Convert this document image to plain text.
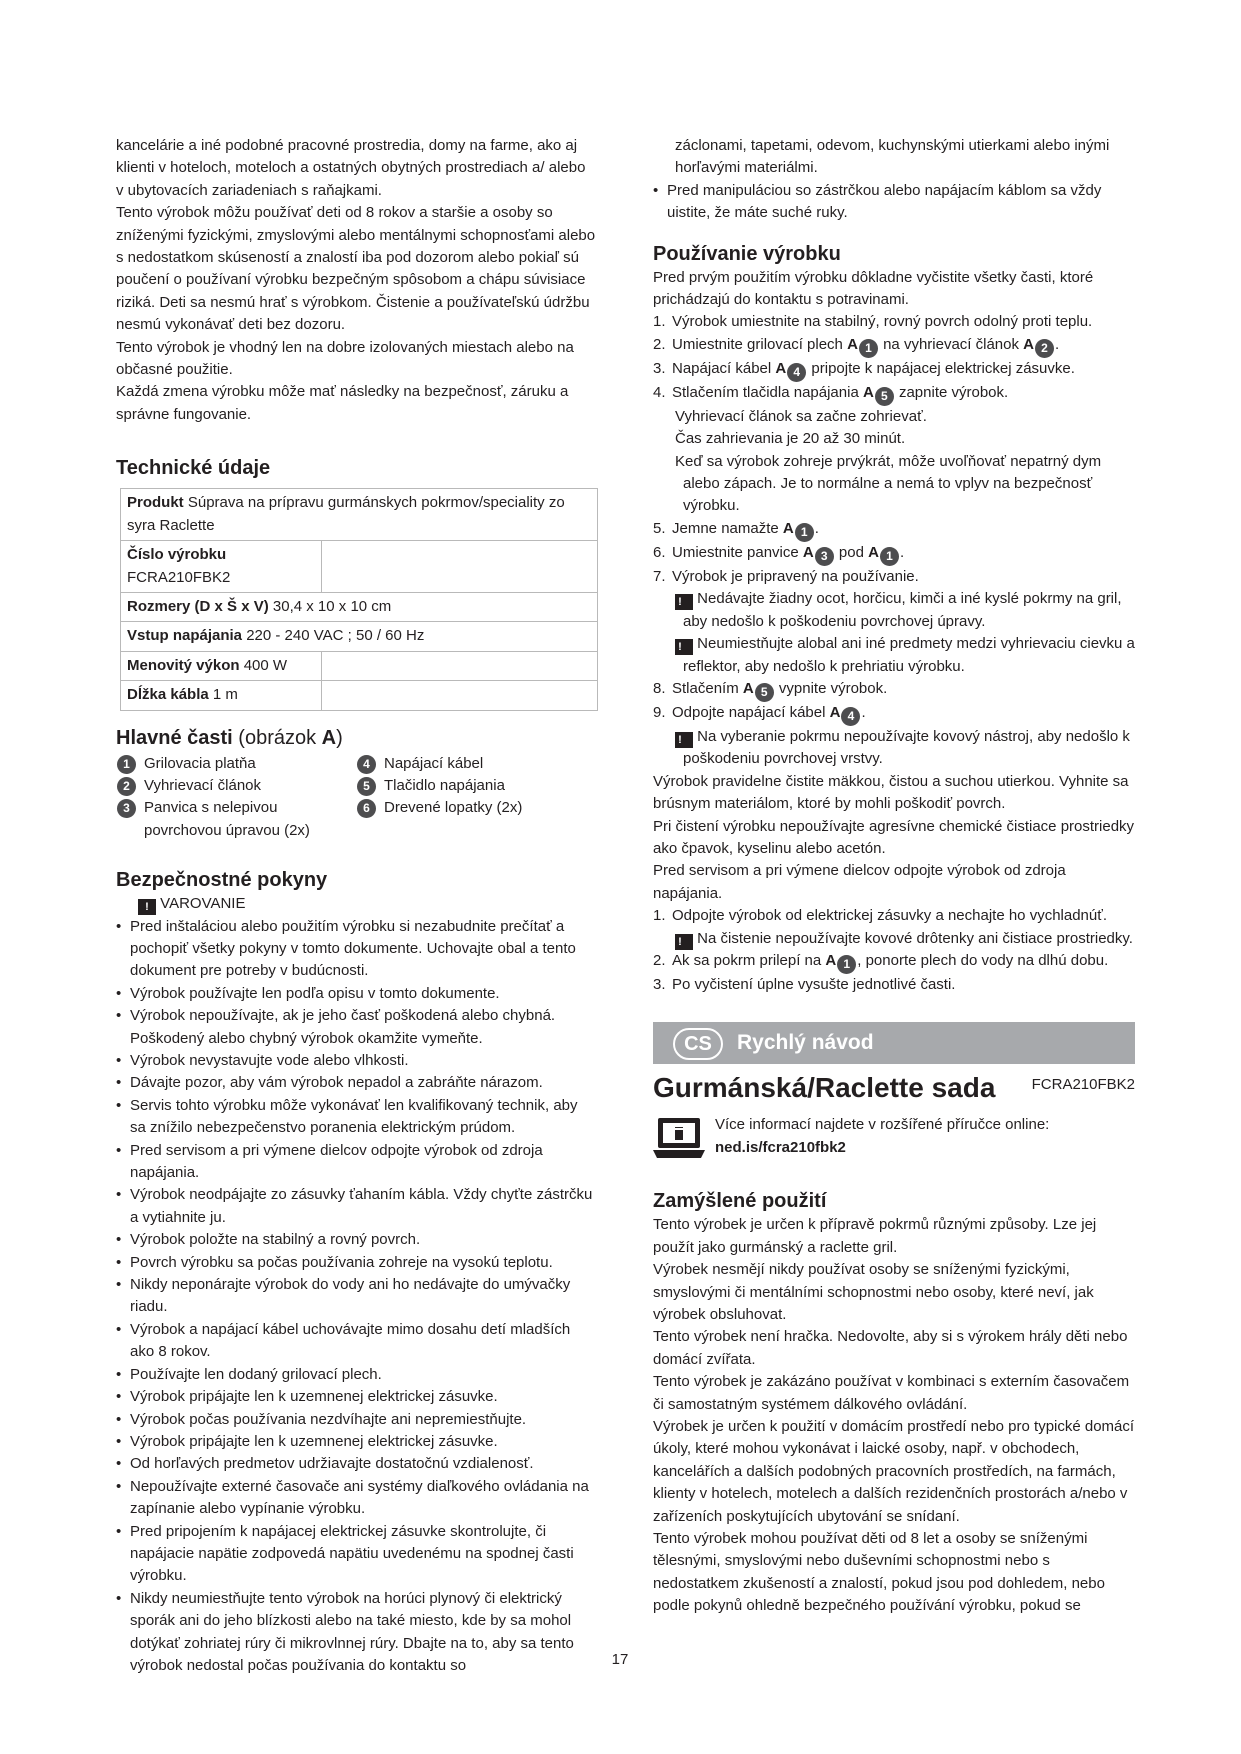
kancelárie a iné podobné pracovné prostredia, domy na farme, ako aj klienti v hoteloch, moteloch a ostatných obytných prostrediach a/ alebo v ubytovacích zariadeniach s raňajkami.

Tento výrobok môžu používať deti od 8 rokov a staršie a osoby so zníženými fyzickými, zmyslovými alebo mentálnymi schopnosťami alebo s nedostatkom skúseností a znalostí iba pod dozorom alebo pokiaľ sú poučení o používaní výrobku bezpečným spôsobom a chápu súvisiace riziká. Deti sa nesmú hrať s výrobkom. Čistenie a používateľskú údržbu nesmú vykonávať deti bez dozoru.

Tento výrobok je vhodný len na dobre izolovaných miestach alebo na občasné použitie.

Každá zmena výrobku môže mať následky na bezpečnosť, záruku a správne fungovanie.

Technické údaje
Produkt Súprava na prípravu gurmánskych pokrmov/speciality zo syra Raclette	
Číslo výrobku FCRA210FBK2	
Rozmery (D x Š x V) 30,4 x 10 x 10 cm	
Vstup napájania 220 - 240 VAC ; 50 / 60 Hz	
Menovitý výkon 400 W	
Dĺžka kábla 1 m	
Hlavné časti (obrázok A)
1 Grilovacia platňa
2 Vyhrievací článok
3 Panvica s nelepivou povrchovou úpravou (2x)
4 Napájací kábel
5 Tlačidlo napájania
6 Drevené lopatky (2x)
Bezpečnostné pokyny

! VAROVANIE

• Pred inštaláciou alebo použitím výrobku si nezabudnite prečítať a pochopiť všetky pokyny v tomto dokumente. Uchovajte obal a tento dokument pre potreby v budúcnosti.
• Výrobok používajte len podľa opisu v tomto dokumente.
• Výrobok nepoužívajte, ak je jeho časť poškodená alebo chybná. Poškodený alebo chybný výrobok okamžite vymeňte.
• Výrobok nevystavujte vode alebo vlhkosti.
• Dávajte pozor, aby vám výrobok nepadol a zabráňte nárazom.
• Servis tohto výrobku môže vykonávať len kvalifikovaný technik, aby sa znížilo nebezpečenstvo poranenia elektrickým prúdom.
• Pred servisom a pri výmene dielcov odpojte výrobok od zdroja napájania.
• Výrobok neodpájajte zo zásuvky ťahaním kábla. Vždy chyťte zástrčku a vytiahnite ju.
• Výrobok položte na stabilný a rovný povrch.
• Povrch výrobku sa počas používania zohreje na vysokú teplotu.
• Nikdy neponárajte výrobok do vody ani ho nedávajte do umývačky riadu.
• Výrobok a napájací kábel uchovávajte mimo dosahu detí mladších ako 8 rokov.
• Používajte len dodaný grilovací plech.
• Výrobok pripájajte len k uzemnenej elektrickej zásuvke.
• Výrobok počas používania nezdvíhajte ani nepremiestňujte.
• Výrobok pripájajte len k uzemnenej elektrickej zásuvke.
• Od horľavých predmetov udržiavajte dostatočnú vzdialenosť.
• Nepoužívajte externé časovače ani systémy diaľkového ovládania na zapínanie alebo vypínanie výrobku.
• Pred pripojením k napájacej elektrickej zásuvke skontrolujte, či napájacie napätie zodpovedá napätiu uvedenému na spodnej časti výrobku.
• Nikdy neumiestňujte tento výrobok na horúci plynový či elektrický sporák ani do jeho blízkosti alebo na také miesto, kde by sa mohol dotýkať zohriatej rúry či mikrovlnnej rúry. Dbajte na to, aby sa tento výrobok nedostal počas používania do kontaktu so

záclonami, tapetami, odevom, kuchynskými utierkami alebo inými horľavými materiálmi.

• Pred manipuláciou so zástrčkou alebo napájacím káblom sa vždy uistite, že máte suché ruky.
Používanie výrobku

Pred prvým použitím výrobku dôkladne vyčistite všetky časti, ktoré prichádzajú do kontaktu s potravinami.

1. Výrobok umiestnite na stabilný, rovný povrch odolný proti teplu.
2. Umiestnite grilovací plech A 1 na vyhrievací článok A 2 .
3. Napájací kábel A 4 pripojte k napájacej elektrickej zásuvke.
4. Stlačením tlačidla napájania A 5 zapnite výrobok.

Vyhrievací článok sa začne zohrievať.

Čas zahrievania je 20 až 30 minút.

Keď sa výrobok zohreje prvýkrát, môže uvoľňovať nepatrný dym alebo zápach. Je to normálne a nemá to vplyv na bezpečnosť výrobku.

5. Jemne namažte A 1 .
6. Umiestnite panvice A 3 pod A 1 .
7. Výrobok je pripravený na používanie.

! Nedávajte žiadny ocot, horčicu, kimči a iné kyslé pokrmy na gril, aby nedošlo k poškodeniu povrchovej úpravy.

! Neumiestňujte alobal ani iné predmety medzi vyhrievaciu cievku a reflektor, aby nedošlo k prehriatiu výrobku.

8. Stlačením A 5 vypnite výrobok.
9. Odpojte napájací kábel A 4 .

! Na vyberanie pokrmu nepoužívajte kovový nástroj, aby nedošlo k poškodeniu povrchovej vrstvy.

Výrobok pravidelne čistite mäkkou, čistou a suchou utierkou. Vyhnite sa brúsnym materiálom, ktoré by mohli poškodiť povrch.

Pri čistení výrobku nepoužívajte agresívne chemické čistiace prostriedky ako čpavok, kyselinu alebo acetón.

Pred servisom a pri výmene dielcov odpojte výrobok od zdroja napájania.

1. Odpojte výrobok od elektrickej zásuvky a nechajte ho vychladnúť.

! Na čistenie nepoužívajte kovové drôtenky ani čistiace prostriedky.

2. Ak sa pokrm prilepí na A 1 , ponorte plech do vody na dlhú dobu.
3. Po vyčistení úplne vysušte jednotlivé časti.
CS	Rychlý návod
Gurmánská/Raclette sada	FCRA210FBK2
Více informací najdete v rozšířené příručce online:
ned.is/fcra210fbk2
Zamýšlené použití

Tento výrobek je určen k přípravě pokrmů různými způsoby. Lze jej použít jako gurmánský a raclette gril.

Výrobek nesmějí nikdy používat osoby se sníženými fyzickými, smyslovými či mentálními schopnostmi nebo osoby, které neví, jak výrobek obsluhovat.

Tento výrobek není hračka. Nedovolte, aby si s výrokem hrály děti nebo domácí zvířata.

Tento výrobek je zakázáno používat v kombinaci s externím časovačem či samostatným systémem dálkového ovládání.

Výrobek je určen k použití v domácím prostředí nebo pro typické domácí úkoly, které mohou vykonávat i laické osoby, např. v obchodech, kancelářích a dalších podobných pracovních prostředích, na farmách, klienty v hotelech, motelech a dalších rezidenčních prostorách a/nebo v zařízeních poskytujících ubytování se snídaní.

Tento výrobek mohou používat děti od 8 let a osoby se sníženými tělesnými, smyslovými nebo duševními schopnostmi nebo s nedostatkem zkušeností a znalostí, pokud jsou pod dohledem, nebo podle pokynů ohledně bezpečného používání výrobku, pokud se

17
